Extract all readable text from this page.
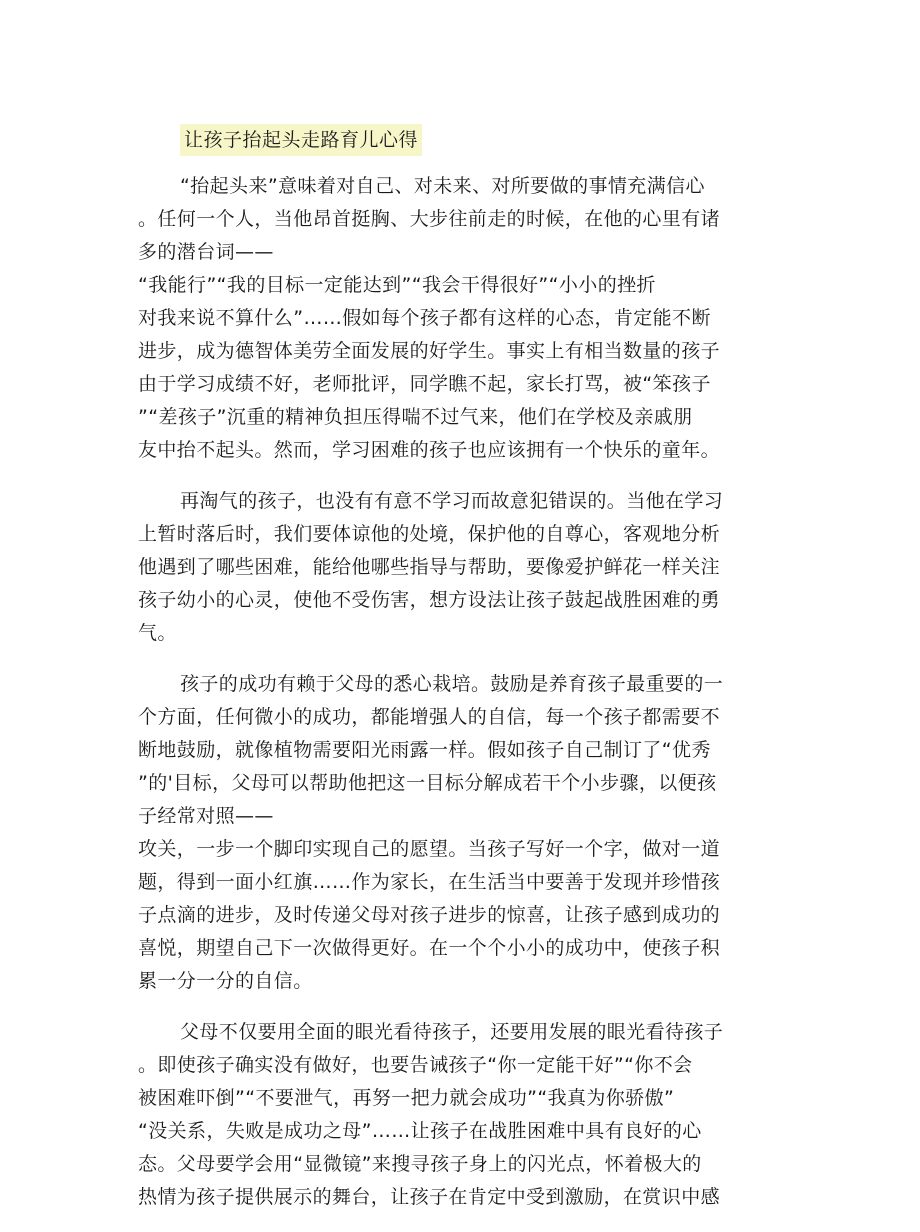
让孩子抬起头走路育儿心得

“抬起头来”意味着对自己、对未来、对所要做的事情充满信心
。任何一个人，当他昂首挺胸、大步往前走的时候，在他的心里有诸
多的潜台词——
“我能行”“我的目标一定能达到”“我会干得很好”“小小的挫折
对我来说不算什么”……假如每个孩子都有这样的心态，肯定能不断
进步，成为德智体美劳全面发展的好学生。事实上有相当数量的孩子
由于学习成绩不好，老师批评，同学瞧不起，家长打骂，被“笨孩子
”“差孩子”沉重的精神负担压得喘不过气来，他们在学校及亲戚朋
友中抬不起头。然而，学习困难的孩子也应该拥有一个快乐的童年。

再淘气的孩子，也没有有意不学习而故意犯错误的。当他在学习
上暂时落后时，我们要体谅他的处境，保护他的自尊心，客观地分析
他遇到了哪些困难，能给他哪些指导与帮助，要像爱护鲜花一样关注
孩子幼小的心灵，使他不受伤害，想方设法让孩子鼓起战胜困难的勇
气。

孩子的成功有赖于父母的悉心栽培。鼓励是养育孩子最重要的一
个方面，任何微小的成功，都能增强人的自信，每一个孩子都需要不
断地鼓励，就像植物需要阳光雨露一样。假如孩子自己制订了“优秀
”的'目标，父母可以帮助他把这一目标分解成若干个小步骤，以便孩
子经常对照——
攻关，一步一个脚印实现自己的愿望。当孩子写好一个字，做对一道
题，得到一面小红旗……作为家长，在生活当中要善于发现并珍惜孩
子点滴的进步，及时传递父母对孩子进步的惊喜，让孩子感到成功的
喜悦，期望自己下一次做得更好。在一个个小小的成功中，使孩子积
累一分一分的自信。

父母不仅要用全面的眼光看待孩子，还要用发展的眼光看待孩子
。即使孩子确实没有做好，也要告诫孩子“你一定能干好”“你不会
被困难吓倒”“不要泄气，再努一把力就会成功”“我真为你骄傲”
“没关系，失败是成功之母”……让孩子在战胜困难中具有良好的心
态。父母要学会用“显微镜”来搜寻孩子身上的闪光点，怀着极大的
热情为孩子提供展示的舞台，让孩子在肯定中受到激励，在赏识中感
